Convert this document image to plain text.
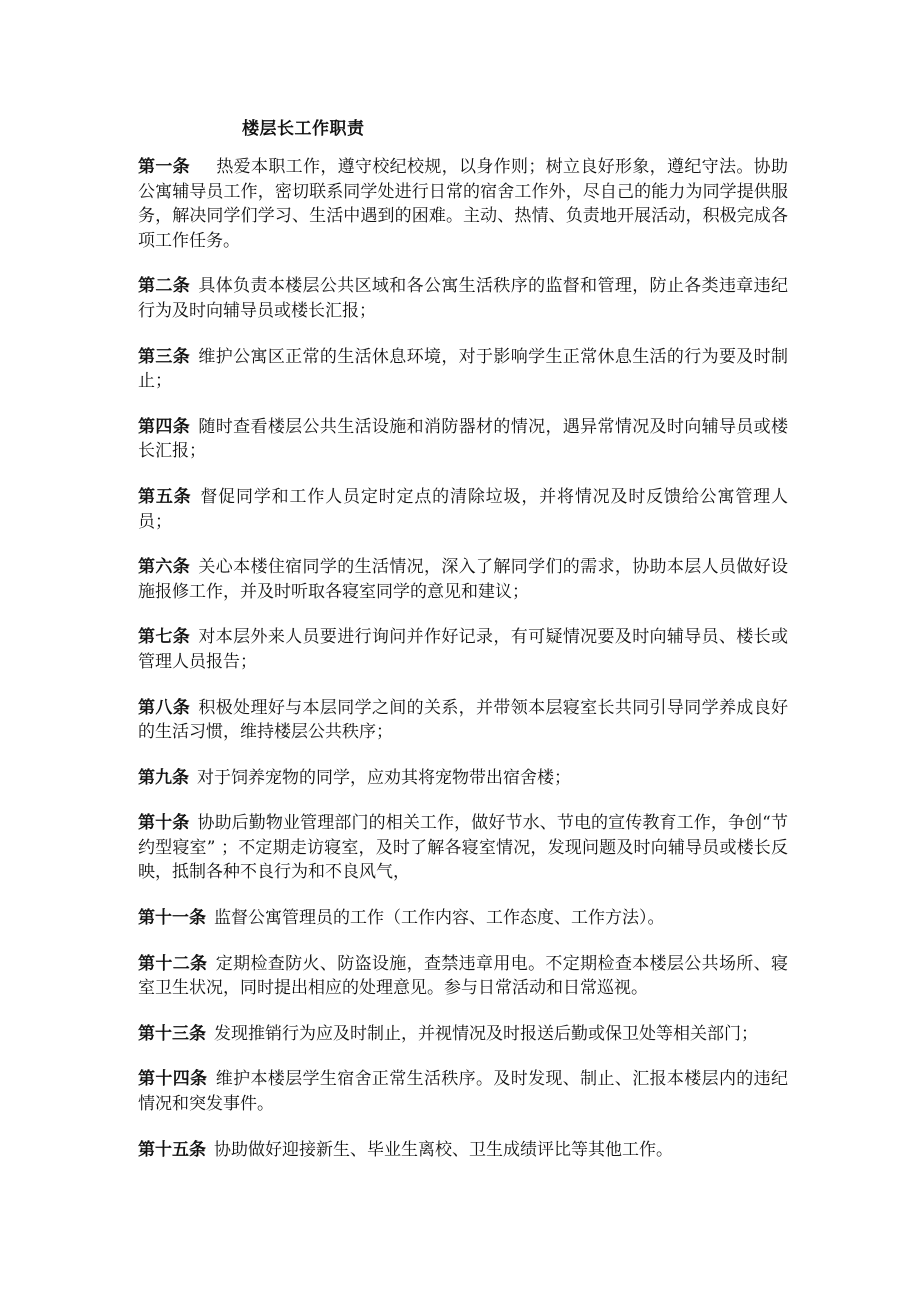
楼层长工作职责

第一条 热爱本职工作，遵守校纪校规，以身作则；树立良好形象，遵纪守法。协助公寓辅导员工作，密切联系同学处进行日常的宿舍工作外，尽自己的能力为同学提供服务，解决同学们学习、生活中遇到的困难。主动、热情、负责地开展活动，积极完成各项工作任务。

第二条 具体负责本楼层公共区域和各公寓生活秩序的监督和管理，防止各类违章违纪行为及时向辅导员或楼长汇报；

第三条 维护公寓区正常的生活休息环境，对于影响学生正常休息生活的行为要及时制止；

第四条 随时查看楼层公共生活设施和消防器材的情况，遇异常情况及时向辅导员或楼长汇报；

第五条 督促同学和工作人员定时定点的清除垃圾，并将情况及时反馈给公寓管理人员；

第六条 关心本楼住宿同学的生活情况，深入了解同学们的需求，协助本层人员做好设施报修工作，并及时听取各寝室同学的意见和建议；

第七条 对本层外来人员要进行询问并作好记录，有可疑情况要及时向辅导员、楼长或管理人员报告；

第八条 积极处理好与本层同学之间的关系，并带领本层寝室长共同引导同学养成良好的生活习惯，维持楼层公共秩序；

第九条 对于饲养宠物的同学，应劝其将宠物带出宿舍楼；

第十条 协助后勤物业管理部门的相关工作，做好节水、节电的宣传教育工作，争创“节约型寝室” ；不定期走访寝室，及时了解各寝室情况，发现问题及时向辅导员或楼长反映，抵制各种不良行为和不良风气，

第十一条 监督公寓管理员的工作（工作内容、工作态度、工作方法）。

第十二条 定期检查防火、防盗设施，查禁违章用电。不定期检查本楼层公共场所、寝室卫生状况，同时提出相应的处理意见。参与日常活动和日常巡视。

第十三条 发现推销行为应及时制止，并视情况及时报送后勤或保卫处等相关部门；

第十四条 维护本楼层学生宿舍正常生活秩序。及时发现、制止、汇报本楼层内的违纪情况和突发事件。

第十五条 协助做好迎接新生、毕业生离校、卫生成绩评比等其他工作。
